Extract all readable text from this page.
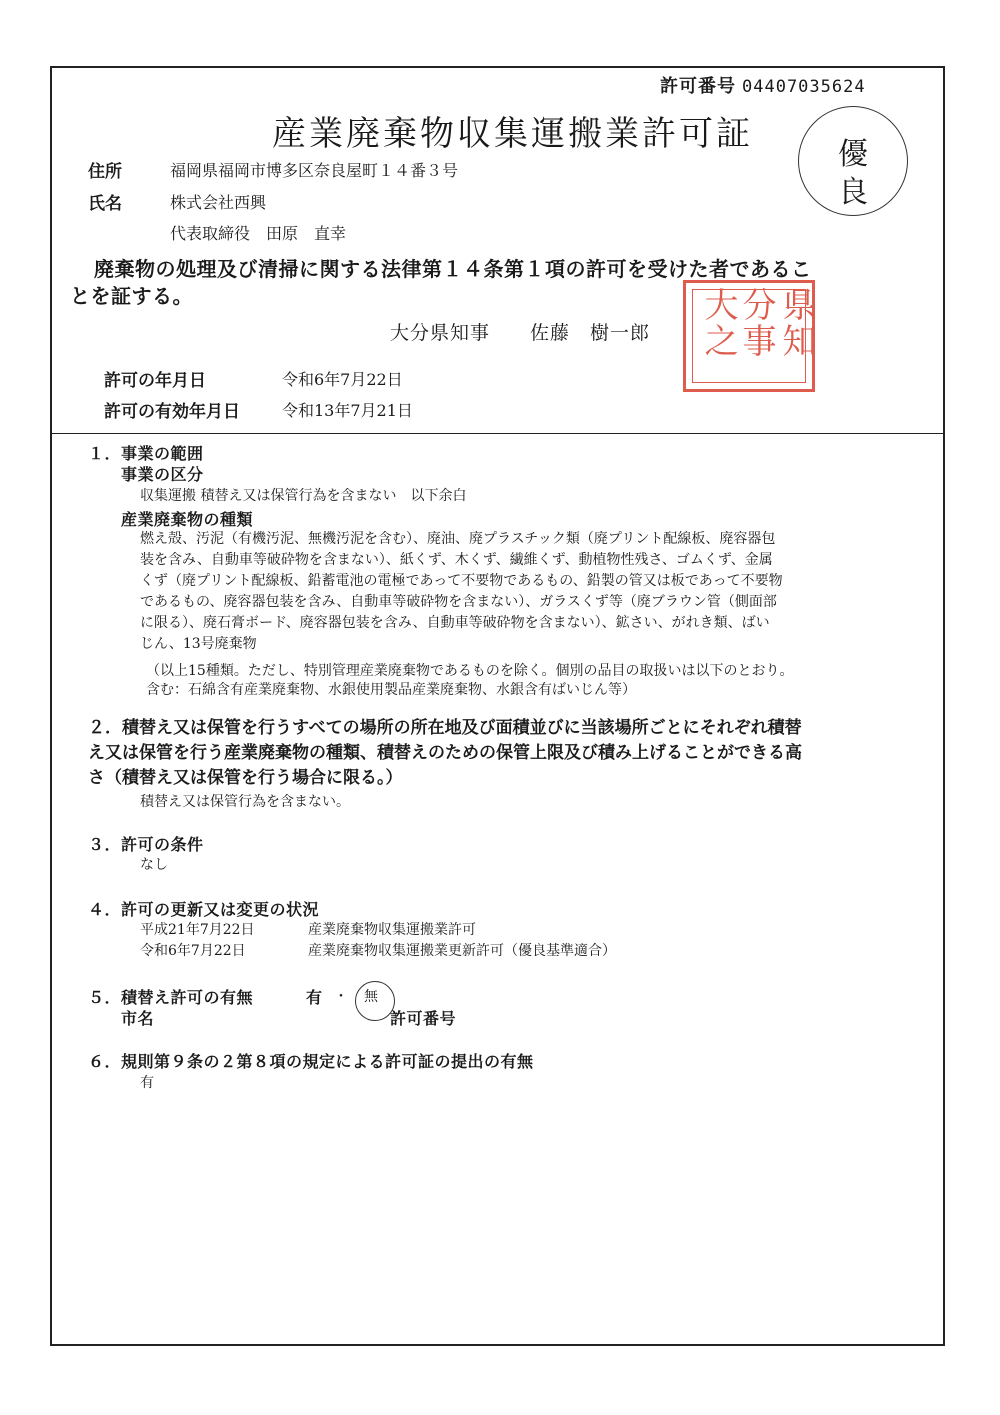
許可番号 04407035624
産業廃棄物収集運搬業許可証
優
良
住所	福岡県福岡市博多区奈良屋町１４番３号
氏名	株式会社西興
代表取締役　田原　直幸
廃棄物の処理及び清掃に関する法律第１４条第１項の許可を受けた者であるこ
とを証する。
大分県知事　　佐藤　樹一郎	県知
分事
大之
許可の年月日	令和6年7月22日
許可の有効年月日	令和13年7月21日
１．事業の範囲
事業の区分
収集運搬 積替え又は保管行為を含まない　以下余白
産業廃棄物の種類
燃え殻、汚泥（有機汚泥、無機汚泥を含む）、廃油、廃プラスチック類（廃プリント配線板、廃容器包
装を含み、自動車等破砕物を含まない）、紙くず、木くず、繊維くず、動植物性残さ、ゴムくず、金属
くず（廃プリント配線板、鉛蓄電池の電極であって不要物であるもの、鉛製の管又は板であって不要物
であるもの、廃容器包装を含み、自動車等破砕物を含まない）、ガラスくず等（廃ブラウン管（側面部
に限る）、廃石膏ボード、廃容器包装を含み、自動車等破砕物を含まない）、鉱さい、がれき類、ばい
じん、13号廃棄物
（以上15種類。ただし、特別管理産業廃棄物であるものを除く。個別の品目の取扱いは以下のとおり。
含む：石綿含有産業廃棄物、水銀使用製品産業廃棄物、水銀含有ばいじん等）
２．積替え又は保管を行うすべての場所の所在地及び面積並びに当該場所ごとにそれぞれ積替
え又は保管を行う産業廃棄物の種類、積替えのための保管上限及び積み上げることができる高
さ（積替え又は保管を行う場合に限る。）
積替え又は保管行為を含まない。
３．許可の条件
なし
４．許可の更新又は変更の状況
平成21年7月22日	産業廃棄物収集運搬業許可
令和6年7月22日	産業廃棄物収集運搬業更新許可（優良基準適合）
５．積替え許可の有無	有 ・ 無
市名	許可番号
６．規則第９条の２第８項の規定による許可証の提出の有無
有
